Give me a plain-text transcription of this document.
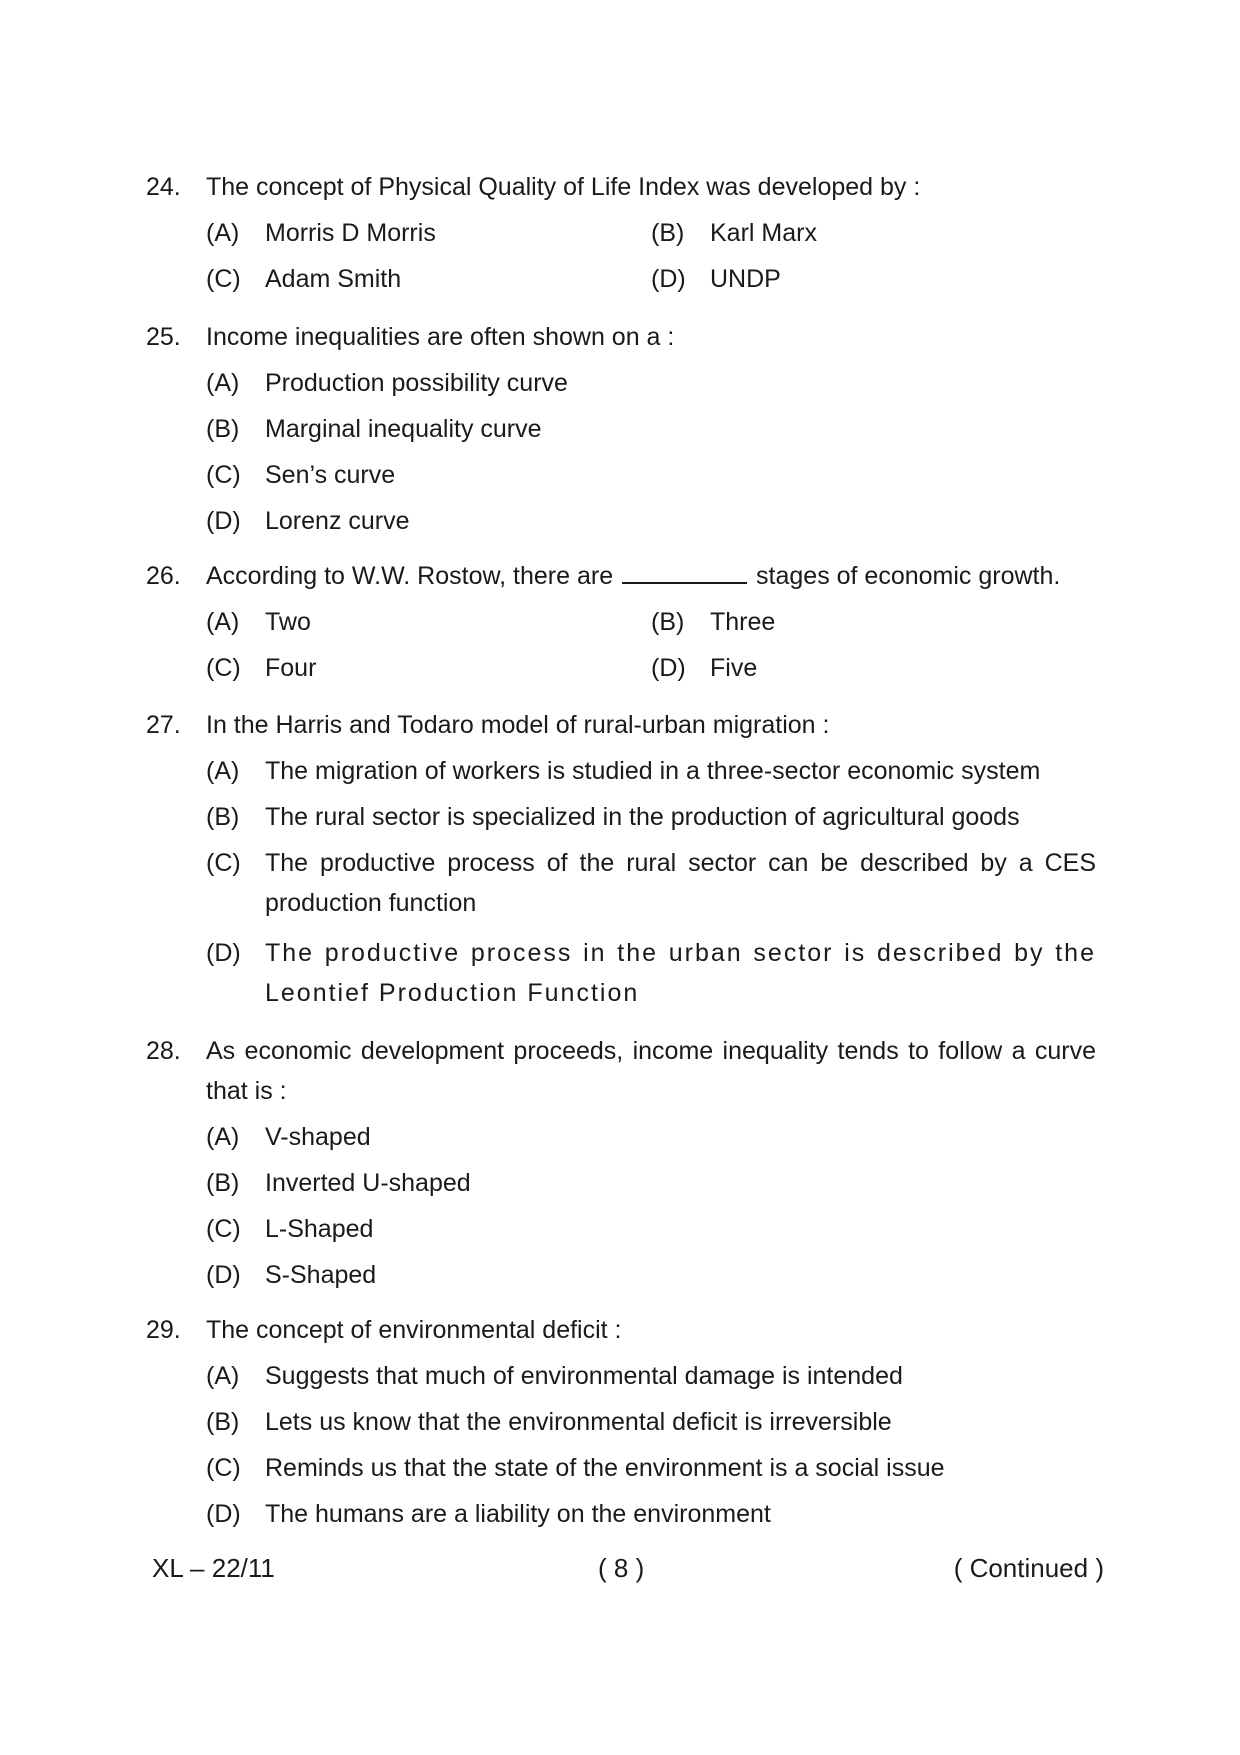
24.	The concept of Physical Quality of Life Index was developed by :
(A)	Morris D Morris	(B)	Karl Marx
(C) Adam Smith	(D) UNDP
25.	Income inequalities are often shown on a :
(A)	Production possibility curve
(B)	Marginal inequality curve
(C) Sen’s curve
(D) Lorenz curve
26.	According to W.W. Rostow, there are	stages of economic growth.
(A)	Two	(B)	Three
(C) Four	(D) Five
27.	In the Harris and Todaro model of rural-urban migration :
(A)	The migration of workers is studied in a three-sector economic system
(B)	The rural sector is specialized in the production of agricultural goods
(C) The productive process of the rural sector can be described by a CES production function
(D) The productive process in the urban sector is described by the Leontief Production Function
28.	As economic development proceeds, income inequality tends to follow a curve that is :
(A)	V-shaped
(B)	Inverted U-shaped
(C) L-Shaped
(D) S-Shaped
29.	The concept of environmental deficit :
(A)	Suggests that much of environmental damage is intended
(B)	Lets us know that the environmental deficit is irreversible
(C) Reminds us that the state of the environment is a social issue
(D) The humans are a liability on the environment
XL – 22/11	( 8 )	( Continued )
